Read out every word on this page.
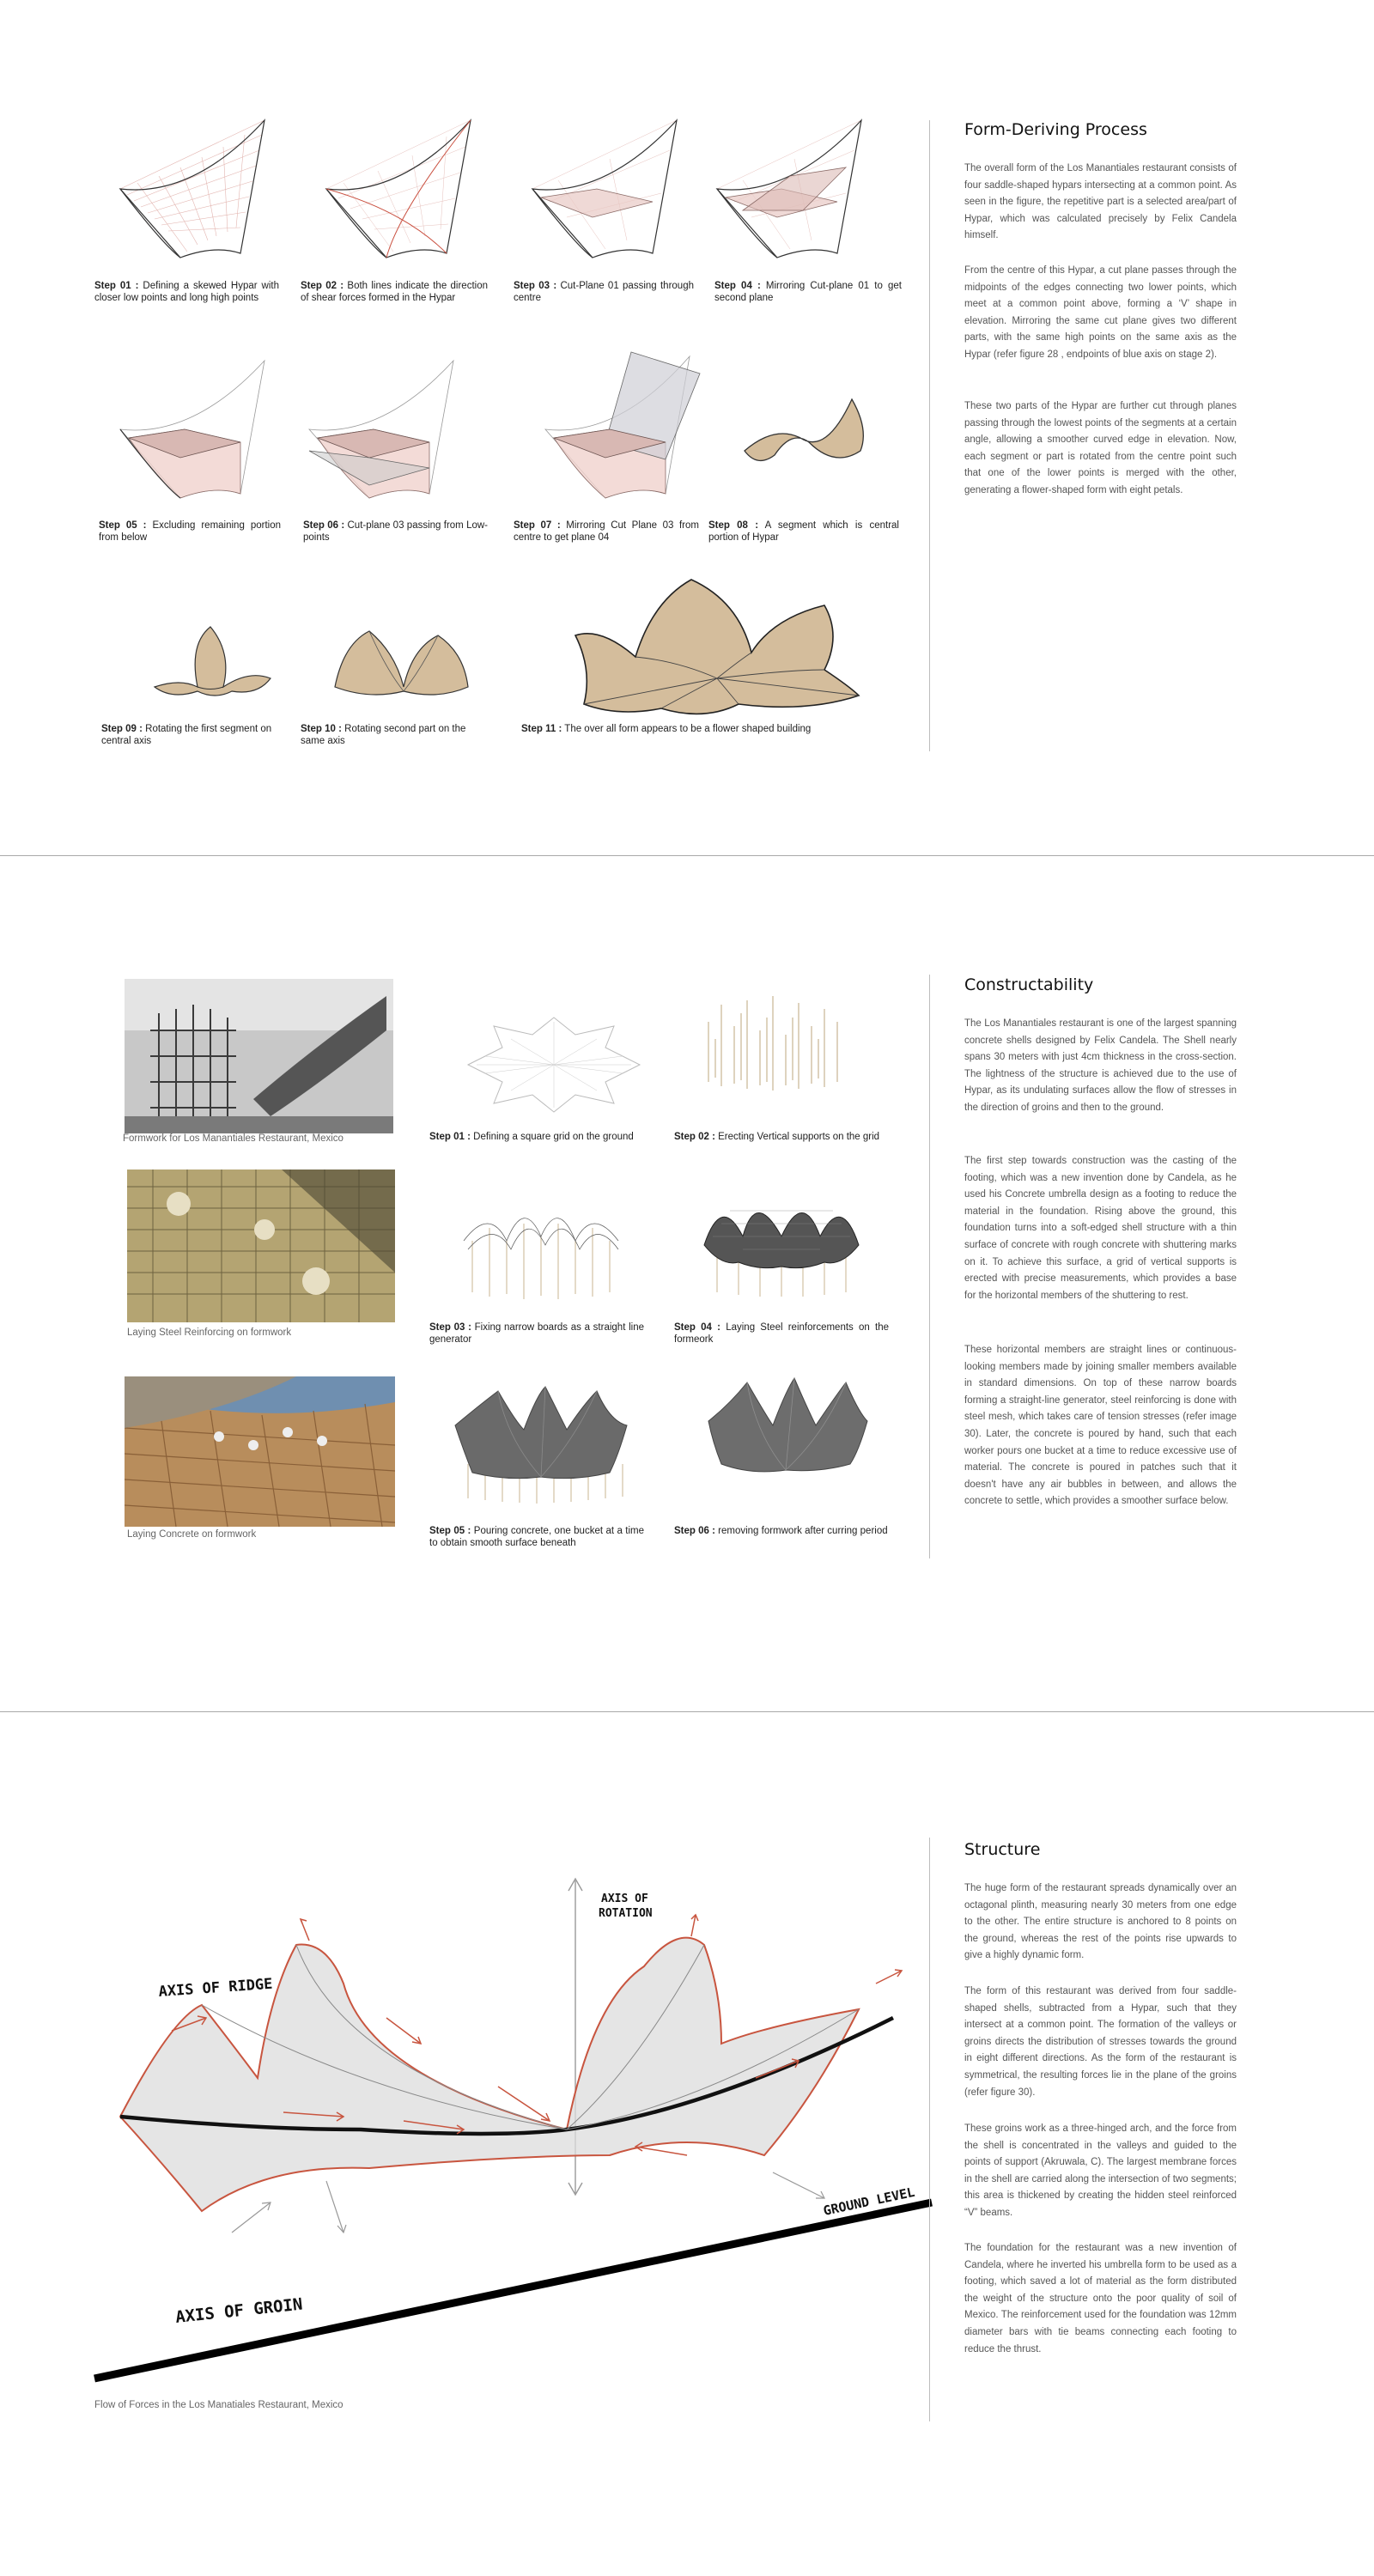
Step 01 : Defining a skewed Hypar with closer low points and long high points
Step 02 : Both lines indicate the direction of shear forces formed in the Hypar
Step 03 : Cut-Plane 01 passing through centre
Step 04 : Mirroring Cut-plane 01 to get second plane
Step 05 : Excluding remaining portion from below
Step 06 : Cut-plane 03 passing from Low-points
Step 07 : Mirroring Cut Plane 03 from centre to get plane 04
Step 08 : A segment which is central portion of Hypar
Step 09 : Rotating the first segment on central axis
Step 10 : Rotating second part on the same axis
Step 11 : The over all form appears to be a flower shaped building
Form-Deriving Process

The overall form of the Los Manantiales restaurant consists of four saddle-shaped hypars intersecting at a common point. As seen in the figure, the repetitive part is a selected area/part of Hypar, which was calculated precisely by Felix Candela himself.

From the centre of this Hypar, a cut plane passes through the midpoints of the edges connecting two lower points, which meet at a common point above, forming a ‘V’ shape in elevation. Mirroring the same cut plane gives two different parts, with the same high points on the same axis as the Hypar (refer figure 28 , endpoints of blue axis on stage 2).

These two parts of the Hypar are further cut through planes passing through the lowest points of the segments at a certain angle, allowing a smoother curved edge in elevation. Now, each segment or part is rotated from the centre point such that one of the lower points is merged with the other, generating a flower-shaped form with eight petals.

Formwork for Los Manantiales Restaurant, Mexico
Laying Steel Reinforcing on formwork
Laying Concrete on formwork
Step 01 : Defining a square grid on the ground	Step 02 : Erecting Vertical supports on the grid
Step 03 : Fixing narrow boards as a straight line generator
Step 04 : Laying Steel reinforcements on the formeork
Step 05 : Pouring concrete, one bucket at a time to obtain smooth surface beneath
Step 06 : removing formwork after curring period
Constructability

The Los Manantiales restaurant is one of the largest spanning concrete shells designed by Felix Candela. The Shell nearly spans 30 meters with just 4cm thickness in the cross-section. The lightness of the structure is achieved due to the use of Hypar, as its undulating surfaces allow the flow of stresses in the direction of groins and then to the ground.

The first step towards construction was the casting of the footing, which was a new invention done by Candela, as he used his Concrete umbrella design as a footing to reduce the material in the foundation. Rising above the ground, this foundation turns into a soft-edged shell structure with a thin surface of concrete with rough concrete with shuttering marks on it. To achieve this surface, a grid of vertical supports is erected with precise measurements, which provides a base for the horizontal members of the shuttering to rest.

These horizontal members are straight lines or continuous-looking members made by joining smaller members available in standard dimensions. On top of these narrow boards forming a straight-line generator, steel reinforcing is done with steel mesh, which takes care of tension stresses (refer image 30). Later, the concrete is poured by hand, such that each worker pours one bucket at a time to reduce excessive use of material. The concrete is poured in patches such that it doesn't have any air bubbles in between, and allows the concrete to settle, which provides a smoother surface below.

AXIS OF RIDGE
AXIS OF
ROTATION
AXIS OF GROIN
GROUND LEVEL
Flow of Forces in the Los Manatiales Restaurant, Mexico
Structure

The huge form of the restaurant spreads dynamically over an octagonal plinth, measuring nearly 30 meters from one edge to the other. The entire structure is anchored to 8 points on the ground, whereas the rest of the points rise upwards to give a highly dynamic form.

The form of this restaurant was derived from four saddle-shaped shells, subtracted from a Hypar, such that they intersect at a common point. The formation of the valleys or groins directs the distribution of stresses towards the ground in eight different directions. As the form of the restaurant is symmetrical, the resulting forces lie in the plane of the groins (refer figure 30).

These groins work as a three-hinged arch, and the force from the shell is concentrated in the valleys and guided to the points of support (Akruwala, C). The largest membrane forces in the shell are carried along the intersection of two segments; this area is thickened by creating the hidden steel reinforced “V” beams.

The foundation for the restaurant was a new invention of Candela, where he inverted his umbrella form to be used as a footing, which saved a lot of material as the form distributed the weight of the structure onto the poor quality of soil of Mexico. The reinforcement used for the foundation was 12mm diameter bars with tie beams connecting each footing to reduce the thrust.
